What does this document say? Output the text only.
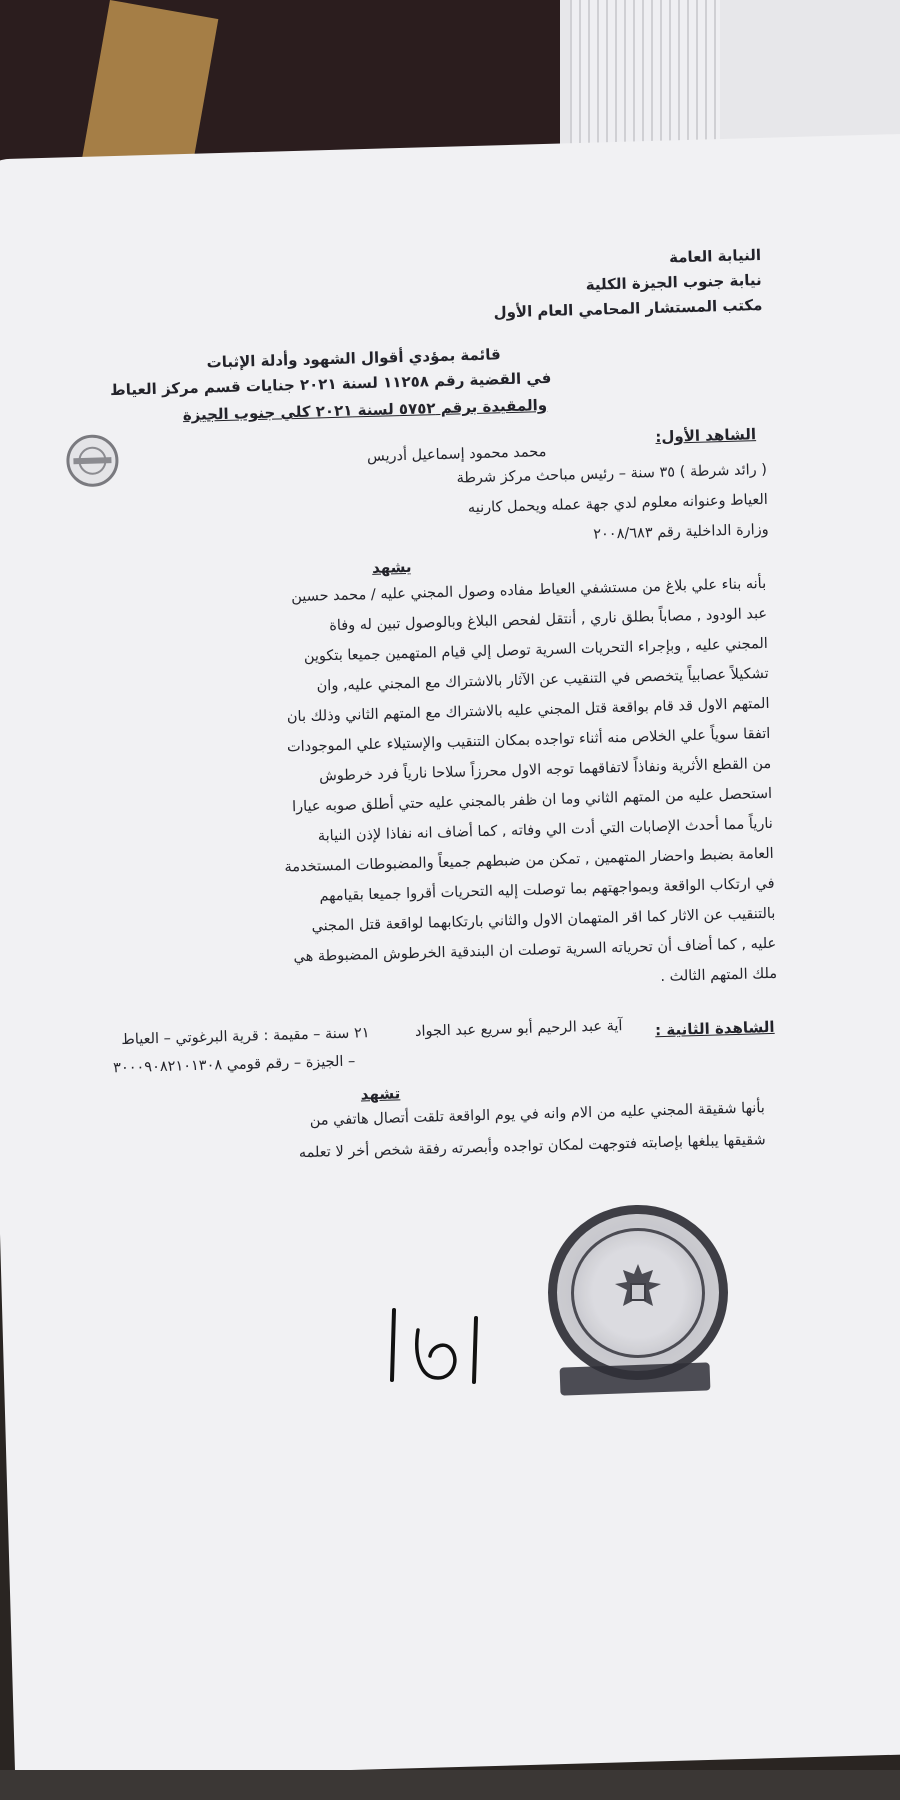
النيابة العامة
نيابة جنوب الجيزة الكلية
مكتب المستشار المحامي العام الأول
قائمة بمؤدي أقوال الشهود وأدلة الإثبات
في القضية رقم ١١٢٥٨ لسنة ٢٠٢١ جنايات قسم مركز العياط
والمقيدة برقم ٥٧٥٢ لسنة ٢٠٢١ كلي جنوب الجيزة
الشاهد الأول:
محمد محمود إسماعيل أدريس
( رائد شرطة ) ٣٥ سنة – رئيس مباحث مركز شرطة
العياط وعنوانه معلوم لدي جهة عمله ويحمل كارنيه
وزارة الداخلية رقم ٢٠٠٨/٦٨٣
يشهد
بأنه بناء علي بلاغ من مستشفي العياط مفاده وصول المجني عليه / محمد حسين
عبد الودود , مصاباً بطلق ناري , أنتقل لفحص البلاغ وبالوصول تبين له وفاة
المجني عليه , وبإجراء التحريات السرية توصل إلي قيام المتهمين جميعا بتكوين
تشكيلاً عصابياً يتخصص في التنقيب عن الآثار بالاشتراك مع المجني عليه, وان
المتهم الاول قد قام بواقعة قتل المجني عليه بالاشتراك مع المتهم الثاني وذلك بان
اتفقا سوياً علي الخلاص منه أثناء تواجده بمكان التنقيب والإستيلاء علي الموجودات
من القطع الأثرية ونفاذاً لاتفاقهما توجه الاول محرزاً سلاحا نارياً فرد خرطوش
استحصل عليه من المتهم الثاني وما ان ظفر بالمجني عليه حتي أطلق صوبه عيارا
نارياً مما أحدث الإصابات التي أدت الي وفاته , كما أضاف انه نفاذا لإذن النيابة
العامة بضبط واحضار المتهمين , تمكن من ضبطهم جميعاً والمضبوطات المستخدمة
في ارتكاب الواقعة وبمواجهتهم بما توصلت إليه التحريات أقروا جميعا بقيامهم
بالتنقيب عن الاثار كما اقر المتهمان الاول والثاني بارتكابهما لواقعة قتل المجني
عليه , كما أضاف أن تحرياته السرية توصلت ان البندقية الخرطوش المضبوطة هي
ملك المتهم الثالث .
الشاهدة الثانية :
آية عبد الرحيم أبو سريع عبد الجواد
٢١ سنة – مقيمة : قرية البرغوتي – العياط
– الجيزة – رقم قومي ٣٠٠٠٩٠٨٢١٠١٣٠٨
تشهد
بأنها شقيقة المجني عليه من الام وانه في يوم الواقعة تلقت أتصال هاتفي من
شقيقها يبلغها بإصابته فتوجهت لمكان تواجده وأبصرته رفقة شخص أخر لا تعلمه
